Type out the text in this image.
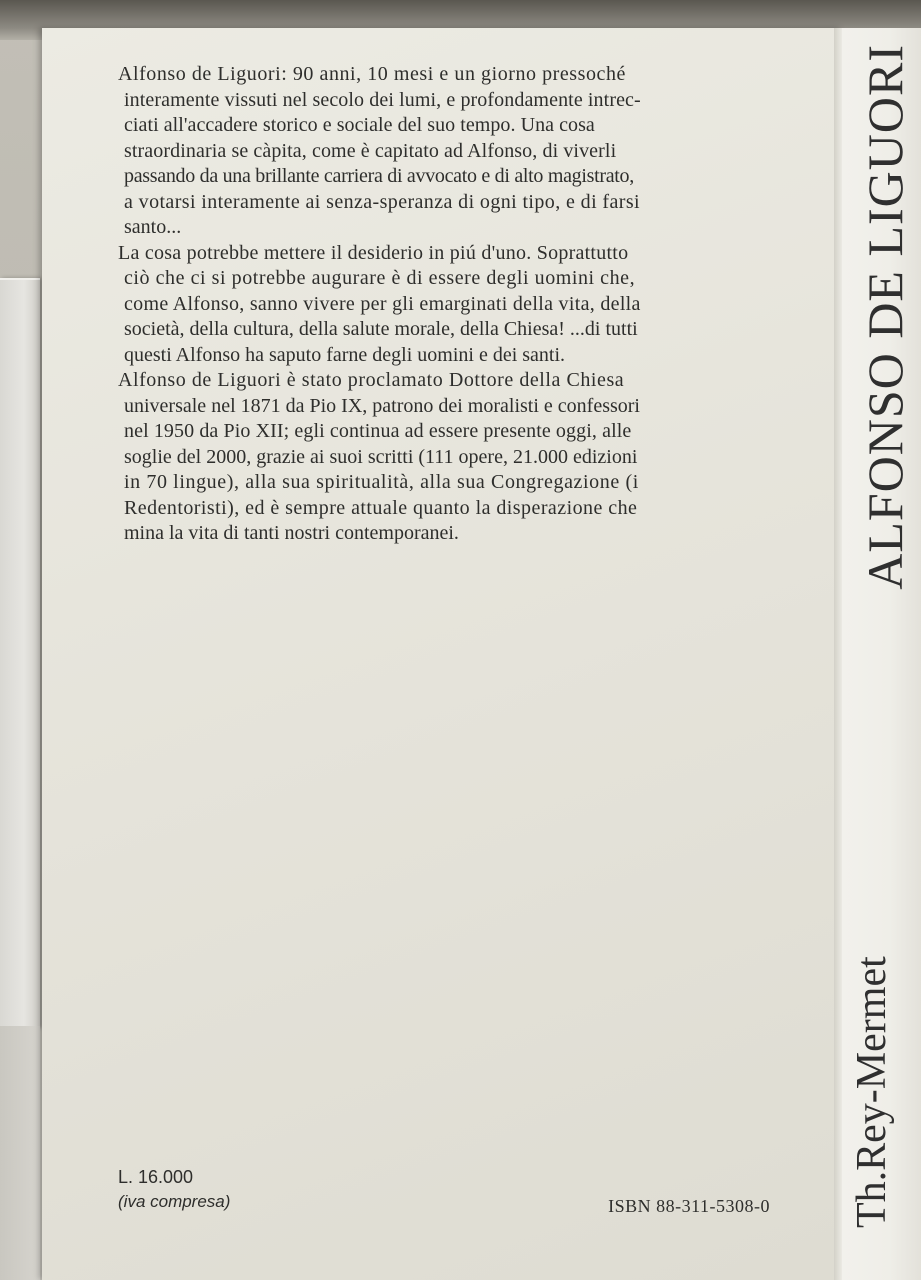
ALFONSO DE LIGUORI
Th.Rey-Mermet

Alfonso de Liguori: 90 anni, 10 mesi e un giorno pressoché
interamente vissuti nel secolo dei lumi, e profondamente intrec-
ciati all'accadere storico e sociale del suo tempo. Una cosa
straordinaria se càpita, come è capitato ad Alfonso, di viverli
passando da una brillante carriera di avvocato e di alto magistrato,
a votarsi interamente ai senza-speranza di ogni tipo, e di farsi
santo...

La cosa potrebbe mettere il desiderio in piú d'uno. Soprattutto
ciò che ci si potrebbe augurare è di essere degli uomini che,
come Alfonso, sanno vivere per gli emarginati della vita, della
società, della cultura, della salute morale, della Chiesa! ...di tutti
questi Alfonso ha saputo farne degli uomini e dei santi.

Alfonso de Liguori è stato proclamato Dottore della Chiesa
universale nel 1871 da Pio IX, patrono dei moralisti e confessori
nel 1950 da Pio XII; egli continua ad essere presente oggi, alle
soglie del 2000, grazie ai suoi scritti (111 opere, 21.000 edizioni
in 70 lingue), alla sua spiritualità, alla sua Congregazione (i
Redentoristi), ed è sempre attuale quanto la disperazione che
mina la vita di tanti nostri contemporanei.

L. 16.000
(iva compresa)	ISBN 88-311-5308-0
